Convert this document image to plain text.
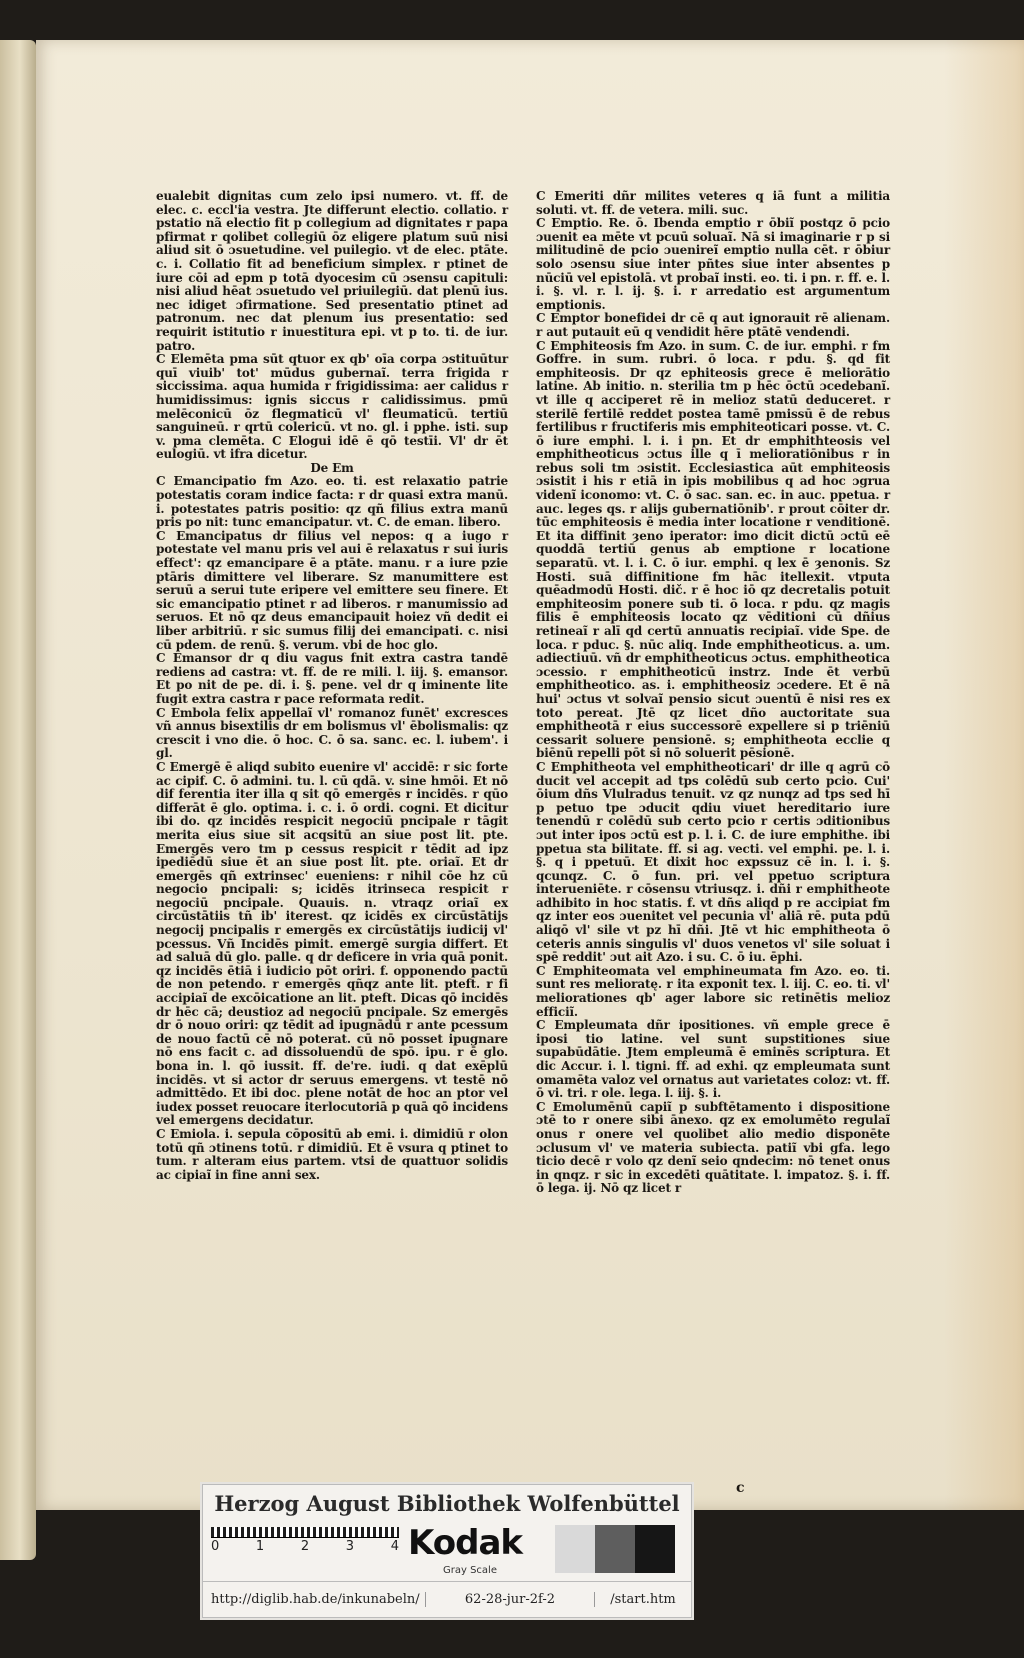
eualebit dignitas cum zelo ipsi numero. vt. ff. de elec. c. eccl'ia vestra. Jte differunt electio. collatio. r pstatio nã electio fit p collegium ad dignitates r papa pfirmat r qolibet collegiū ōz eligere platum suū nisi aliud sit ō ɔsuetudine. vel puilegio. vt de elec. ptāte. c. i. Collatio fit ad beneficium simplex. r ptinet de iure cōi ad epm p totā dyocesim cū ɔsensu capituli: nisi aliud hēat ɔsuetudo vel priuilegiū. dat plenū ius. nec idiget ɔfirmatione. Sed presentatio ptinet ad patronum. nec dat plenum ius presentatio: sed requirit istitutio r inuestitura epi. vt p to. ti. de iur. patro.

C Elemēta pma sūt qtuor ex qb' oīa corpa ɔstituūtur quī viuib' tot' mūdus gubernaĩ. terra frigida r siccissima. aqua humida r frigidissima: aer calidus r humidissimus: ignis siccus r calidissimus. pmū melēconicū ōz flegmaticū vl' fleumaticū. tertiū sanguineū. r qrtū colericū. vt no. gl. i pphe. isti. sup v. pma clemēta. C Elogui idē ē qō testīi. Vl' dr ēt eulogiū. vt ifra dicetur.

De Em

C Emancipatio fm Azo. eo. ti. est relaxatio patrie potestatis coram indice facta: r dr quasi extra manū. i. potestates patris positio: qz qñ filius extra manū pris po nit: tunc emancipatur. vt. C. de eman. libero.

C Emancipatus dr filius vel nepos: q a iugo r potestate vel manu pris vel aui ē relaxatus r sui iuris effect': qz emancipare ē a ptāte. manu. r a iure pzie ptāris dimittere vel liberare. Sz manumittere est seruū a serui tute eripere vel emittere seu finere. Et sic emancipatio ptinet r ad liberos. r manumissio ad seruos. Et nō qz deus emancipauit hoiez vñ dedit ei liber arbitriū. r sic sumus filij dei emancipati. c. nisi cū pdem. de renū. §. verum. vbi de hoc glo.

C Emansor dr q diu vagus fnit extra castra tandē rediens ad castra: vt. ff. de re mili. l. iij. §. emansor. Et po nit de pe. di. i. §. pene. vel dr q iminente lite fugit extra castra r pace reformata redit.

C Embola felix appellaĩ vl' romanoz funēt' excresces vñ annus bisextilis dr em bolismus vl' ēbolismalis: qz crescit i vno die. ō hoc. C. ō sa. sanc. ec. l. iubem'. i gl.

C Emergē ē aliqd subito euenire vl' accidē: r sic forte ac cipif. C. ō admini. tu. l. cū qdā. v. sine hmōi. Et nō dif ferentia iter illa q sit qō emergēs r incidēs. r qūo differāt ē glo. optima. i. c. i. ō ordi. cogni. Et dicitur ibi do. qz incidēs respicit negociū pncipale r tāgit merita eius siue sit acqsitū an siue post lit. pte. Emergēs vero tm p cessus respicit r tēdit ad ipz ipediēdū siue ēt an siue post lit. pte. oriaĩ. Et dr emergēs qñ extrinsec' eueniens: r nihil cōe hz cū negocio pncipali: s; icidēs itrinseca respicit r negociū pncipale. Quauis. n. vtraqz oriaĩ ex circūstātiis tñ ib' iterest. qz icidēs ex circūstātijs negocij pncipalis r emergēs ex circūstātijs iudicij vl' pcessus. Vñ Incidēs pimit. emergē surgia differt. Et ad saluā dū glo. palle. q dr deficere in vria quā ponit. qz incidēs ētiā i iudicio pōt oriri. f. opponendo pactū de non petendo. r emergēs qñqz ante lit. pteft. r fi accipiaĩ de excōicatione an lit. pteft. Dicas qō incidēs dr hēc cā; deustioz ad negociū pncipale. Sz emergēs dr ō nouo oriri: qz tēdit ad ipugnādū r ante pcessum de nouo factū cē nō poterat. cū nō posset ipugnare nō ens facit c. ad dissoluendū de spō. ipu. r ē glo. bona in. l. qō iussit. ff. de're. iudi. q dat exēplū incidēs. vt si actor dr seruus emergens. vt testē nō admittēdo. Et ibi doc. plene notāt de hoc an ptor vel iudex posset reuocare iterlocutoriā p quā qō incidens vel emergens decidatur.

C Emiola. i. sepula cōpositū ab emi. i. dimidiū r olon totū qñ ɔtinens totū. r dimidiū. Et ē vsura q ptinet to tum. r alteram eius partem. vtsi de quattuor solidis ac cipiaĩ in fine anni sex.

C Emeriti dñr milites veteres q iā funt a militia soluti. vt. ff. de vetera. mili. suc.

C Emptio. Re. ō. Ibenda emptio r ōbiĩ postqz ō pcio ɔuenit ea mēte vt pcuū soluaĩ. Nā si imaginarie r p si militudinē de pcio ɔuenireĩ emptio nulla cēt. r ōbiur solo ɔsensu siue inter pñtes siue inter absentes p nūciū vel epistolā. vt probaĩ insti. eo. ti. i pn. r. ff. e. l. i. §. vl. r. l. ij. §. i. r arredatio est argumentum emptionis.

C Emptor bonefidei dr cē q aut ignorauit rē alienam. r aut putauit eū q vendidit hēre ptātē vendendi.

C Emphiteosis fm Azo. in sum. C. de iur. emphi. r fm Goffre. in sum. rubri. ō loca. r pdu. §. qd fit emphiteosis. Dr qz ephiteosis grece ē meliorātio latine. Ab initio. n. sterilia tm p hēc ōctū ɔcedebanĩ. vt ille q acciperet rē in melioz statū deduceret. r sterilē fertilē reddet postea tamē pmissū ē de rebus fertilibus r fructiferis mis emphiteoticari posse. vt. C. ō iure emphi. l. i. i pn. Et dr emphithteosis vel emphitheoticus ɔctus ille q ī melioratiōnibus r in rebus soli tm ɔsistit. Ecclesiastica aūt emphiteosis ɔsistit i his r etiā in ipis mobilibus q ad hoc ɔgrua videnĩ iconomo: vt. C. ō sac. san. ec. in auc. ppetua. r auc. leges qs. r alijs gubernatiōnib'. r prout cōiter dr. tūc emphiteosis ē media inter locatione r venditionē. Et ita diffinit ȝeno iperator: imo dicit dictū ɔctū eē quoddā tertiū genus ab emptione r locatione separatū. vt. l. i. C. ō iur. emphi. q lex ē ȝenonis. Sz Hosti. suā diffinitione fm hāc itellexit. vtputa quēadmodū Hosti. dič. r ē hoc iō qz decretalis potuit emphiteosim ponere sub ti. ō loca. r pdu. qz magis filis ē emphiteosis locato qz vēditioni cū dñius retineaĩ r alī qd certū annuatis recipiaĩ. vide Spe. de loca. r pduc. §. nūc aliq. Inde emphitheoticus. a. um. adiectiuū. vñ dr emphitheoticus ɔctus. emphitheotica ɔcessio. r emphitheoticū instrz. Inde ēt verbū emphitheotico. as. i. emphitheosiz ɔcedere. Et ē nā hui' ɔctus vt solvaĩ pensio sicut ɔuentū ē nisi res ex toto pereat. Jtē qz licet dño auctoritate sua emphitheotā r eius successorē expellere si p triēniū cessarit soluere pensionē. s; emphitheota ecclie q biēnū repelli pōt si nō soluerit pēsionē.

C Emphitheota vel emphitheoticari' dr ille q agrū cō ducit vel accepit ad tps colēdū sub certo pcio. Cui' ōium dñs Vlulradus tenuit. vz qz nunqz ad tps sed hī p petuo tpe ɔducit qdiu viuet hereditario iure tenendū r colēdū sub certo pcio r certis ɔditionibus ɔut inter ipos ɔctū est p. l. i. C. de iure emphithe. ibi ppetua sta bilitate. ff. si ag. vecti. vel emphi. pe. l. i. §. q i ppetuū. Et dixit hoc expssuz cē in. l. i. §. qcunqz. C. ō fun. pri. vel ppetuo scriptura interueniēte. r cōsensu vtriusqz. i. dñi r emphitheote adhibito in hoc statis. f. vt dñs aliqd p re accipiat fm qz inter eos ɔuenitet vel pecunia vl' aliā rē. puta pdū aliqō vl' sile vt pz hī dñi. Jtē vt hic emphitheota ō ceteris annis singulis vl' duos venetos vl' sile soluat i spē reddit' ɔut ait Azo. i su. C. ō iu. ēphi.

C Emphiteomata vel emphineumata fm Azo. eo. ti. sunt res melioratę. r ita exponit tex. l. iij. C. eo. ti. vl' meliorationes qb' ager labore sic retinētis melioz efficiĩ.

C Empleumata dñr ipositiones. vñ emple grece ē iposi tio latine. vel sunt supstitiones siue supabūdātie. Jtem empleumā ē eminēs scriptura. Et dic Accur. i. l. tigni. ff. ad exhi. qz empleumata sunt omamēta valoz vel ornatus aut varietates coloz: vt. ff. ō vi. tri. r ole. lega. l. iij. §. i.

C Emolumēnū capiĩ p subftētamento i dispositione ɔtē to r onere sibi ānexo. qz ex emolumēto regulaĩ onus r onere vel quolibet alio medio disponēte ɔclusum vl' ve materia subiecta. patiĩ vbi gfa. lego ticio decē r volo qz denĩ seio qndecim: nō tenet onus in qnqz. r sic in excedēti quātitate. l. impatoz. §. i. ff. ō lega. ij. Nō qz licet r

c
Herzog August Bibliothek Wolfenbüttel
0	1	2	3	4 Kodak
Gray Scale
http://diglib.hab.de/inkunabeln/	62-28-jur-2f-2	/start.htm
